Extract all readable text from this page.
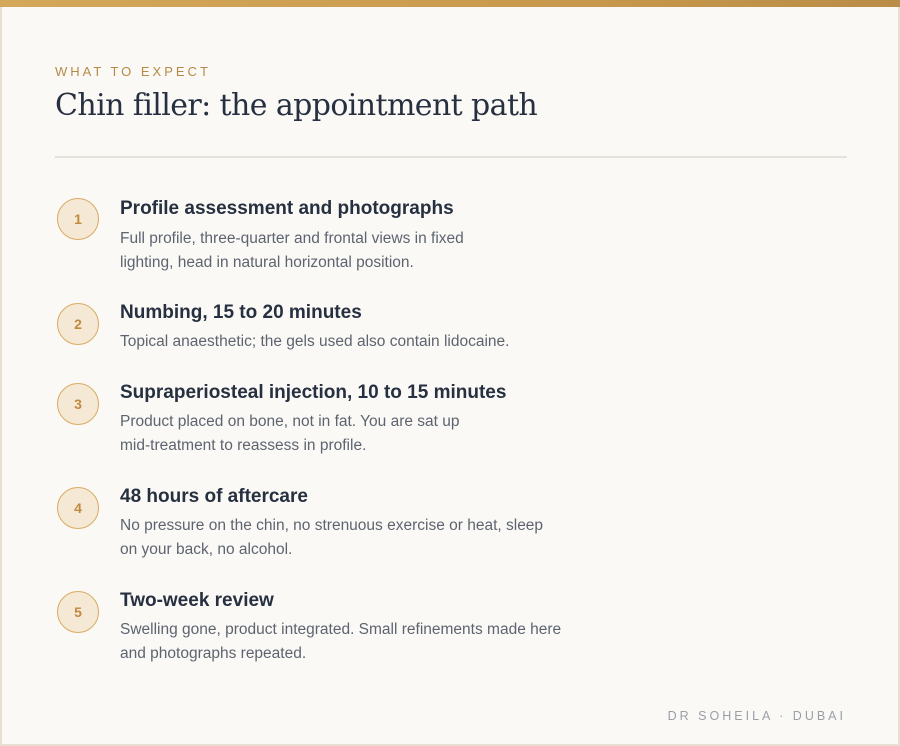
WHAT TO EXPECT
Chin filler: the appointment path
1	Profile assessment and photographs
Full profile, three-quarter and frontal views in fixed
lighting, head in natural horizontal position.
2
Numbing, 15 to 20 minutes
Topical anaesthetic; the gels used also contain lidocaine.
3
Supraperiosteal injection, 10 to 15 minutes
Product placed on bone, not in fat. You are sat up
mid-treatment to reassess in profile.
4
48 hours of aftercare
No pressure on the chin, no strenuous exercise or heat, sleep
on your back, no alcohol.
5
Two-week review
Swelling gone, product integrated. Small refinements made here
and photographs repeated.
DR SOHEILA · DUBAI
